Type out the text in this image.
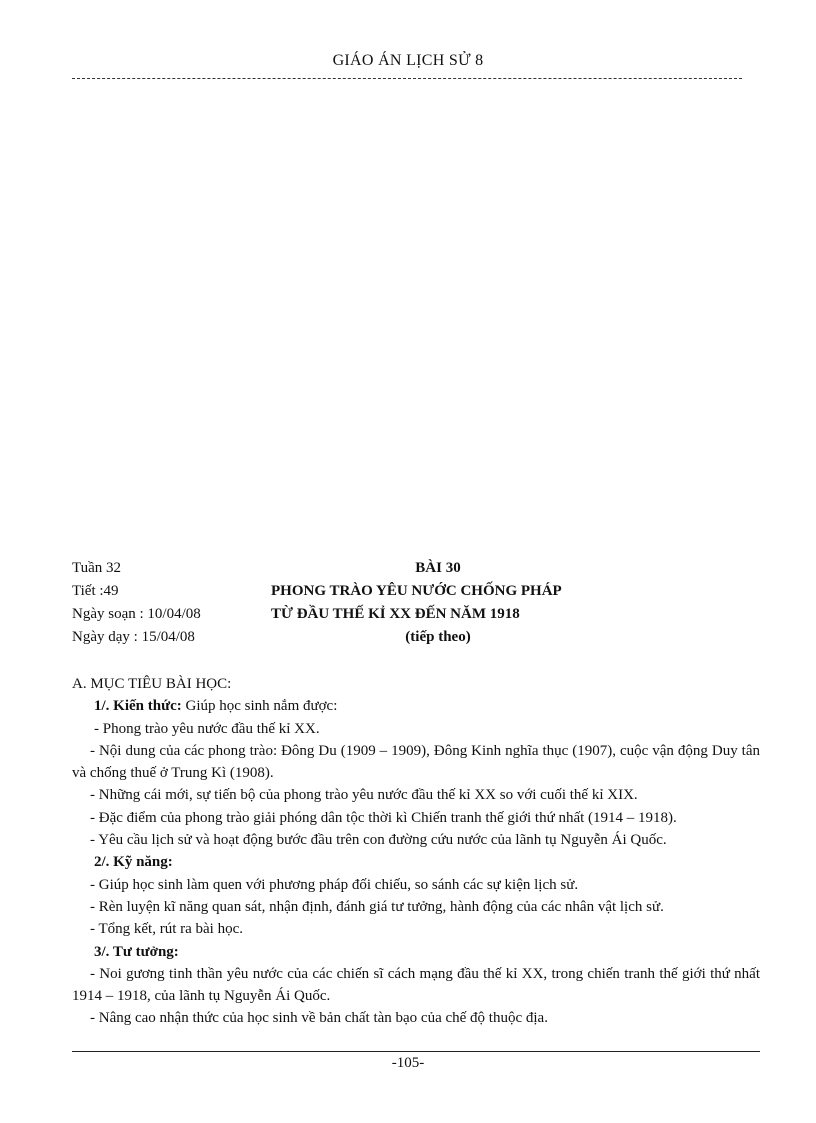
GIÁO ÁN LỊCH SỬ 8
Tuần 32
Tiết :49
Ngày soạn : 10/04/08
Ngày dạy : 15/04/08
BÀI 30
PHONG TRÀO YÊU NƯỚC CHỐNG PHÁP
TỪ ĐẦU THẾ KỈ XX ĐẾN NĂM 1918
(tiếp theo)
A. MỤC TIÊU BÀI HỌC:
1/. Kiến thức: Giúp học sinh nắm được:
- Phong trào yêu nước đầu thế kỉ XX.
- Nội dung của các phong trào: Đông Du (1909 – 1909), Đông Kinh nghĩa thục (1907), cuộc vận động Duy tân và chống thuế ở Trung Kì (1908).
- Những cái mới, sự tiến bộ của phong trào yêu nước đầu thế kỉ XX so với cuối thế kỉ XIX.
- Đặc điểm của phong trào giải phóng dân tộc thời kì Chiến tranh thế giới thứ nhất (1914 – 1918).
- Yêu cầu lịch sử và hoạt động bước đầu trên con đường cứu nước của lãnh tụ Nguyễn Ái Quốc.
2/. Kỹ năng:
- Giúp học sinh làm quen với phương pháp đối chiếu, so sánh các sự kiện lịch sử.
- Rèn luyện kĩ năng quan sát, nhận định, đánh giá tư tưởng, hành động của các nhân vật lịch sử.
- Tổng kết, rút ra bài học.
3/. Tư tưởng:
- Noi gương tinh thần yêu nước của các chiến sĩ cách mạng đầu thế kỉ XX, trong chiến tranh thế giới thứ nhất 1914 – 1918, của lãnh tụ Nguyễn Ái Quốc.
- Nâng cao nhận thức của học sinh về bản chất tàn bạo của chế độ thuộc địa.
-105-
